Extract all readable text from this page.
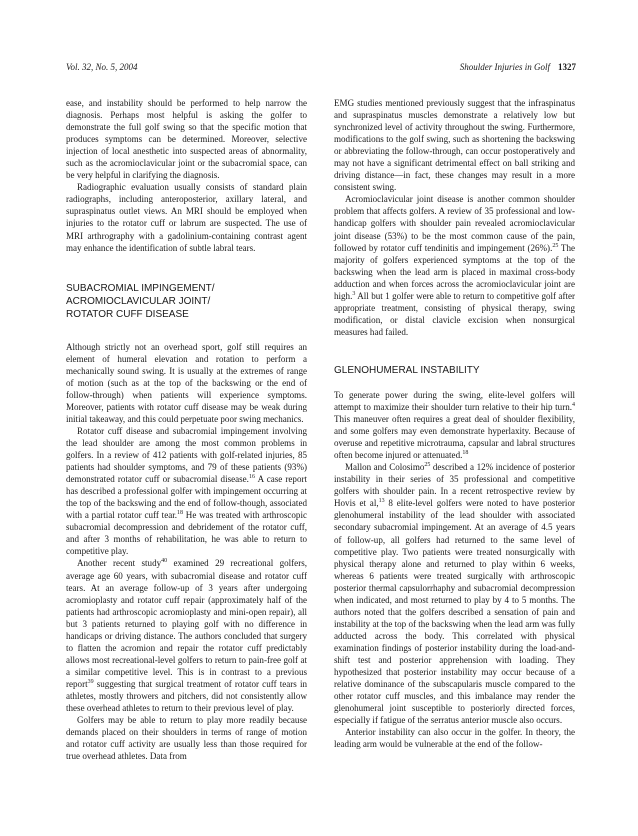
Vol. 32, No. 5, 2004	Shoulder Injuries in Golf 1327

ease, and instability should be performed to help narrow the diagnosis. Perhaps most helpful is asking the golfer to demonstrate the full golf swing so that the specific motion that produces symptoms can be determined. Moreover, selective injection of local anesthetic into suspected areas of abnormality, such as the acromioclavicular joint or the subacromial space, can be very helpful in clarifying the diagnosis.

Radiographic evaluation usually consists of standard plain radiographs, including anteroposterior, axillary lateral, and supraspinatus outlet views. An MRI should be employed when injuries to the rotator cuff or labrum are suspected. The use of MRI arthrography with a gadolinium-containing contrast agent may enhance the identification of subtle labral tears.

SUBACROMIAL IMPINGEMENT/
ACROMIOCLAVICULAR JOINT/
ROTATOR CUFF DISEASE

Although strictly not an overhead sport, golf still requires an element of humeral elevation and rotation to perform a mechanically sound swing. It is usually at the extremes of range of motion (such as at the top of the backswing or the end of follow-through) when patients will experience symptoms. Moreover, patients with rotator cuff disease may be weak during initial takeaway, and this could perpetuate poor swing mechanics.

Rotator cuff disease and subacromial impingement involving the lead shoulder are among the most common problems in golfers. In a review of 412 patients with golf-related injuries, 85 patients had shoulder symptoms, and 79 of these patients (93%) demonstrated rotator cuff or subacromial disease.$^{16}$ A case report has described a professional golfer with impingement occurring at the top of the backswing and the end of follow-though, associated with a partial rotator cuff tear.$^{18}$ He was treated with arthroscopic subacromial decompression and debridement of the rotator cuff, and after 3 months of rehabilitation, he was able to return to competitive play.

Another recent study$^{40}$ examined 29 recreational golfers, average age 60 years, with subacromial disease and rotator cuff tears. At an average follow-up of 3 years after undergoing acromioplasty and rotator cuff repair (approximately half of the patients had arthroscopic acromioplasty and mini-open repair), all but 3 patients returned to playing golf with no difference in handicaps or driving distance. The authors concluded that surgery to flatten the acromion and repair the rotator cuff predictably allows most recreational-level golfers to return to pain-free golf at a similar competitive level. This is in contrast to a previous report$^{39}$ suggesting that surgical treatment of rotator cuff tears in athletes, mostly throwers and pitchers, did not consistently allow these overhead athletes to return to their previous level of play.

Golfers may be able to return to play more readily because demands placed on their shoulders in terms of range of motion and rotator cuff activity are usually less than those required for true overhead athletes. Data from

EMG studies mentioned previously suggest that the infraspinatus and supraspinatus muscles demonstrate a relatively low but synchronized level of activity throughout the swing. Furthermore, modifications to the golf swing, such as shortening the backswing or abbreviating the follow-through, can occur postoperatively and may not have a significant detrimental effect on ball striking and driving distance—in fact, these changes may result in a more consistent swing.

Acromioclavicular joint disease is another common shoulder problem that affects golfers. A review of 35 professional and low-handicap golfers with shoulder pain revealed acromioclavicular joint disease (53%) to be the most common cause of the pain, followed by rotator cuff tendinitis and impingement (26%).$^{25}$ The majority of golfers experienced symptoms at the top of the backswing when the lead arm is placed in maximal cross-body adduction and when forces across the acromioclavicular joint are high.$^3$ All but 1 golfer were able to return to competitive golf after appropriate treatment, consisting of physical therapy, swing modification, or distal clavicle excision when nonsurgical measures had failed.

GLENOHUMERAL INSTABILITY

To generate power during the swing, elite-level golfers will attempt to maximize their shoulder turn relative to their hip turn.$^4$ This maneuver often requires a great deal of shoulder flexibility, and some golfers may even demonstrate hyperlaxity. Because of overuse and repetitive microtrauma, capsular and labral structures often become injured or attenuated.$^{18}$

Mallon and Colosimo$^{25}$ described a 12% incidence of posterior instability in their series of 35 professional and competitive golfers with shoulder pain. In a recent retrospective review by Hovis et al,$^{13}$ 8 elite-level golfers were noted to have posterior glenohumeral instability of the lead shoulder with associated secondary subacromial impingement. At an average of 4.5 years of follow-up, all golfers had returned to the same level of competitive play. Two patients were treated nonsurgically with physical therapy alone and returned to play within 6 weeks, whereas 6 patients were treated surgically with arthroscopic posterior thermal capsulorrhaphy and subacromial decompression when indicated, and most returned to play by 4 to 5 months. The authors noted that the golfers described a sensation of pain and instability at the top of the backswing when the lead arm was fully adducted across the body. This correlated with physical examination findings of posterior instability during the load-and-shift test and posterior apprehension with loading. They hypothesized that posterior instability may occur because of a relative dominance of the subscapularis muscle compared to the other rotator cuff muscles, and this imbalance may render the glenohumeral joint susceptible to posteriorly directed forces, especially if fatigue of the serratus anterior muscle also occurs.

Anterior instability can also occur in the golfer. In theory, the leading arm would be vulnerable at the end of the follow-
